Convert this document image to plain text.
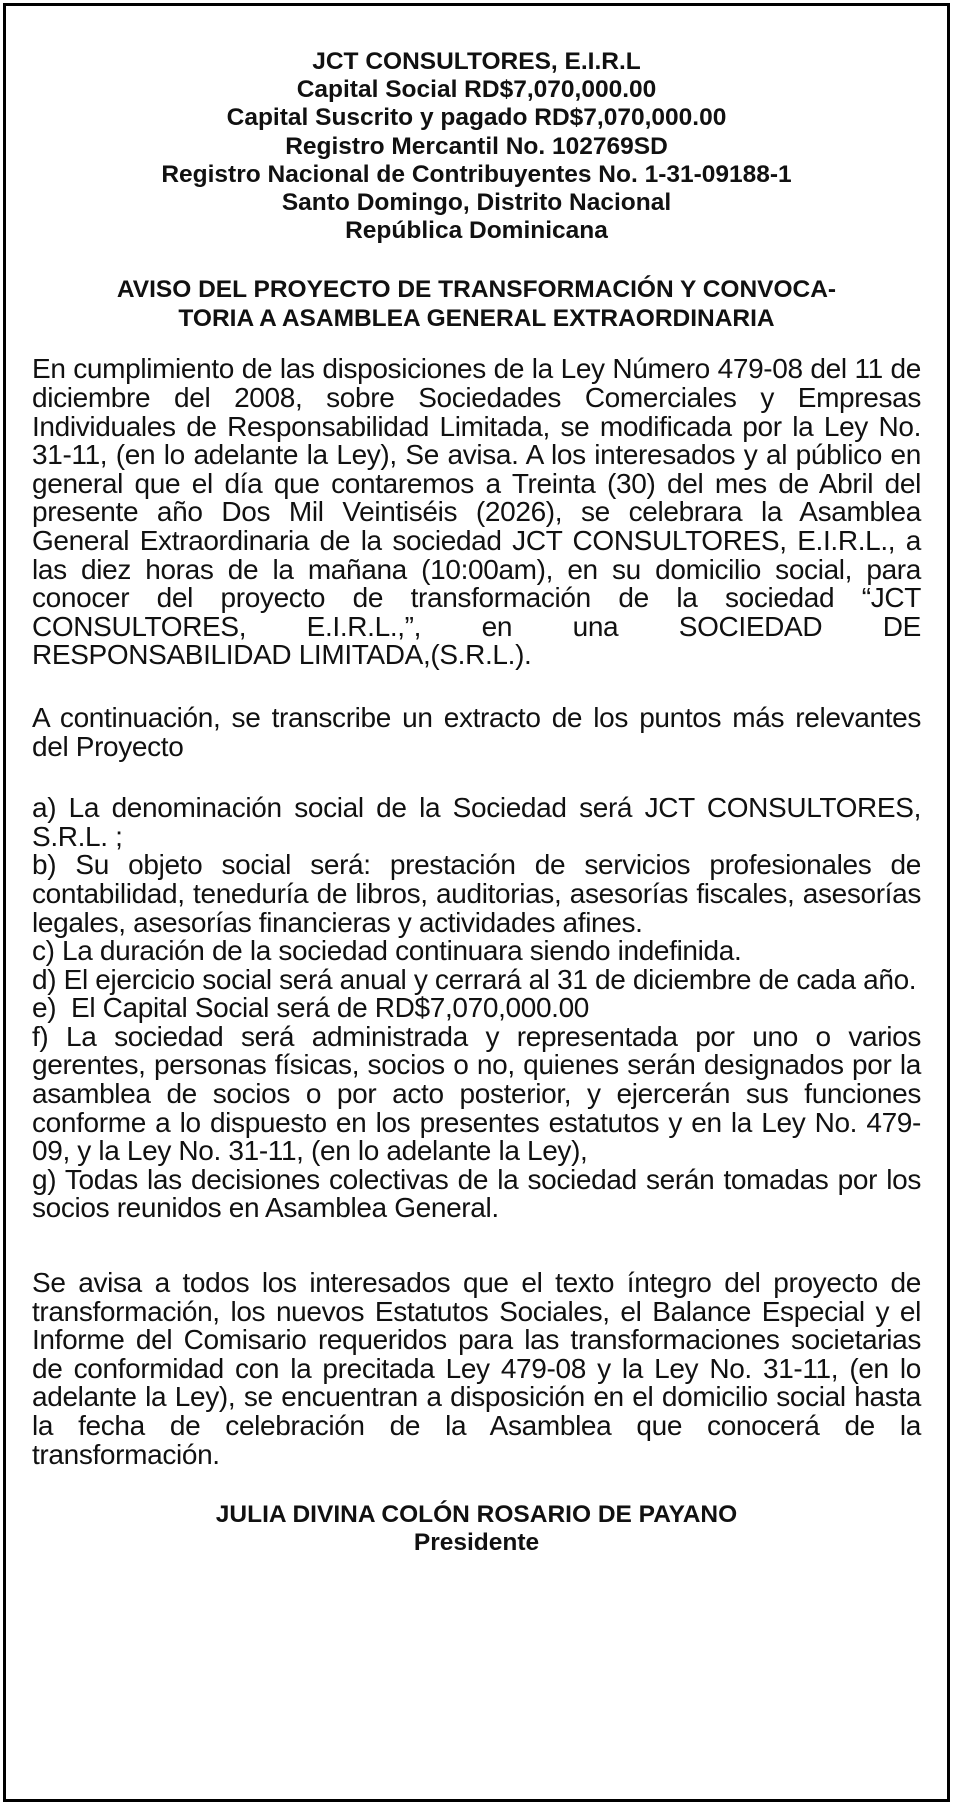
JCT CONSULTORES, E.I.R.L
Capital Social RD$7,070,000.00
Capital Suscrito y pagado RD$7,070,000.00
Registro Mercantil No. 102769SD
Registro Nacional de Contribuyentes No. 1-31-09188-1
Santo Domingo, Distrito Nacional
República Dominicana
AVISO DEL PROYECTO DE TRANSFORMACIÓN Y CONVOCA-
TORIA A ASAMBLEA GENERAL EXTRAORDINARIA

En cumplimiento de las disposiciones de la Ley Número 479-08 del 11 de diciembre del 2008, sobre Sociedades Comerciales y Empresas Individuales de Responsabilidad Limitada, se modificada por la Ley No. 31-11, (en lo adelante la Ley), Se avisa. A los interesados y al público en general que el día que contaremos a Treinta (30) del mes de Abril del presente año Dos Mil Veintiséis (2026), se celebrara la Asamblea General Extraordinaria de la sociedad JCT CONSULTORES, E.I.R.L., a las diez horas de la mañana (10:00am), en su domicilio social, para conocer del proyecto de transformación de la sociedad “JCT CONSULTORES, E.I.R.L.,”, en una SOCIEDAD DE RESPONSABILIDAD LIMITADA,(S.R.L.).

A continuación, se transcribe un extracto de los puntos más relevantes del Proyecto

a) La denominación social de la Sociedad será JCT CONSULTORES, S.R.L. ;

b) Su objeto social será: prestación de servicios profesionales de contabilidad, teneduría de libros, auditorias, asesorías fiscales, asesorías legales, asesorías financieras y actividades afines.

c) La duración de la sociedad continuara siendo indefinida.

d) El ejercicio social será anual y cerrará al 31 de diciembre de cada año.

e)  El Capital Social será de RD$7,070,000.00

f) La sociedad será administrada y representada por uno o varios gerentes, personas físicas, socios o no, quienes serán designados por la asamblea de socios o por acto posterior, y ejercerán sus funciones conforme a lo dispuesto en los presentes estatutos y en la Ley No. 479-09, y la Ley No. 31-11, (en lo adelante la Ley),

g) Todas las decisiones colectivas de la sociedad serán tomadas por los socios reunidos en Asamblea General.

Se avisa a todos los interesados que el texto íntegro del proyecto de transformación, los nuevos Estatutos Sociales, el Balance Especial y el Informe del Comisario requeridos para las transformaciones societarias de conformidad con la precitada Ley 479-08 y la Ley No. 31-11, (en lo adelante la Ley), se encuentran a disposición en el domicilio social hasta la fecha de celebración de la Asamblea que conocerá de la transformación.

JULIA DIVINA COLÓN ROSARIO DE PAYANO
Presidente
